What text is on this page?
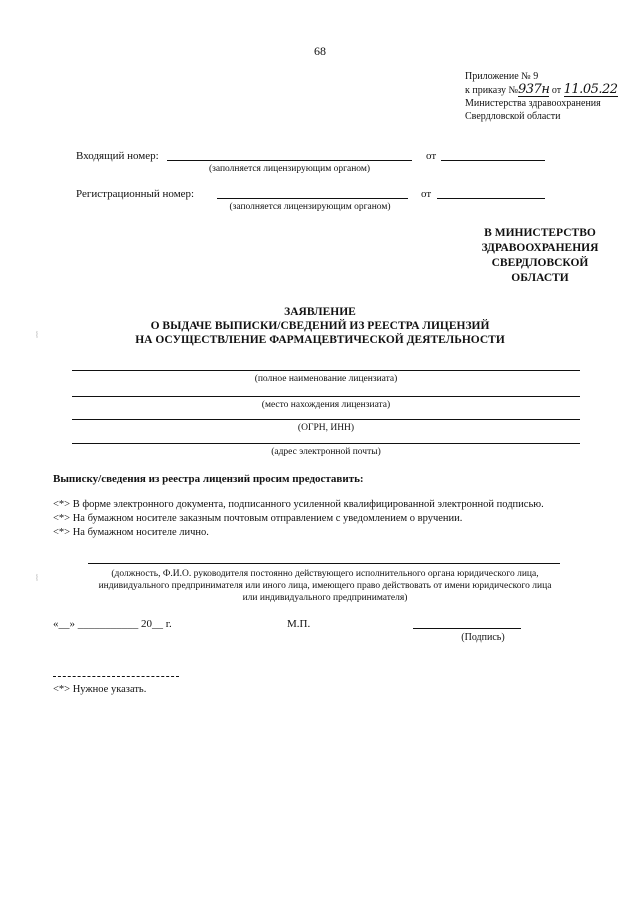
68
Приложение № 9
к приказу №937н от 11.05.22
Министерства здравоохранения
Свердловской области
Входящий номер:	от
(заполняется лицензирующим органом)
Регистрационный номер:	от
(заполняется лицензирующим органом)
В МИНИСТЕРСТВО
ЗДРАВООХРАНЕНИЯ
СВЕРДЛОВСКОЙ
ОБЛАСТИ
ЗАЯВЛЕНИЕ
О ВЫДАЧЕ ВЫПИСКИ/СВЕДЕНИЙ ИЗ РЕЕСТРА ЛИЦЕНЗИЙ
НА ОСУЩЕСТВЛЕНИЕ ФАРМАЦЕВТИЧЕСКОЙ ДЕЯТЕЛЬНОСТИ
(полное наименование лицензиата)
(место нахождения лицензиата)
(ОГРН, ИНН)
(адрес электронной почты)
Выписку/сведения из реестра лицензий просим предоставить:
<*> В форме электронного документа, подписанного усиленной квалифицированной электронной подписью.
<*> На бумажном носителе заказным почтовым отправлением с уведомлением о вручении.
<*> На бумажном носителе лично.
(должность, Ф.И.О. руководителя постоянно действующего исполнительного органа юридического лица,
индивидуального предпринимателя или иного лица, имеющего право действовать от имени юридического лица
или индивидуального предпринимателя)
«__» ___________ 20__ г.	М.П.
(Подпись)
<*> Нужное указать.
⦚
⦚
